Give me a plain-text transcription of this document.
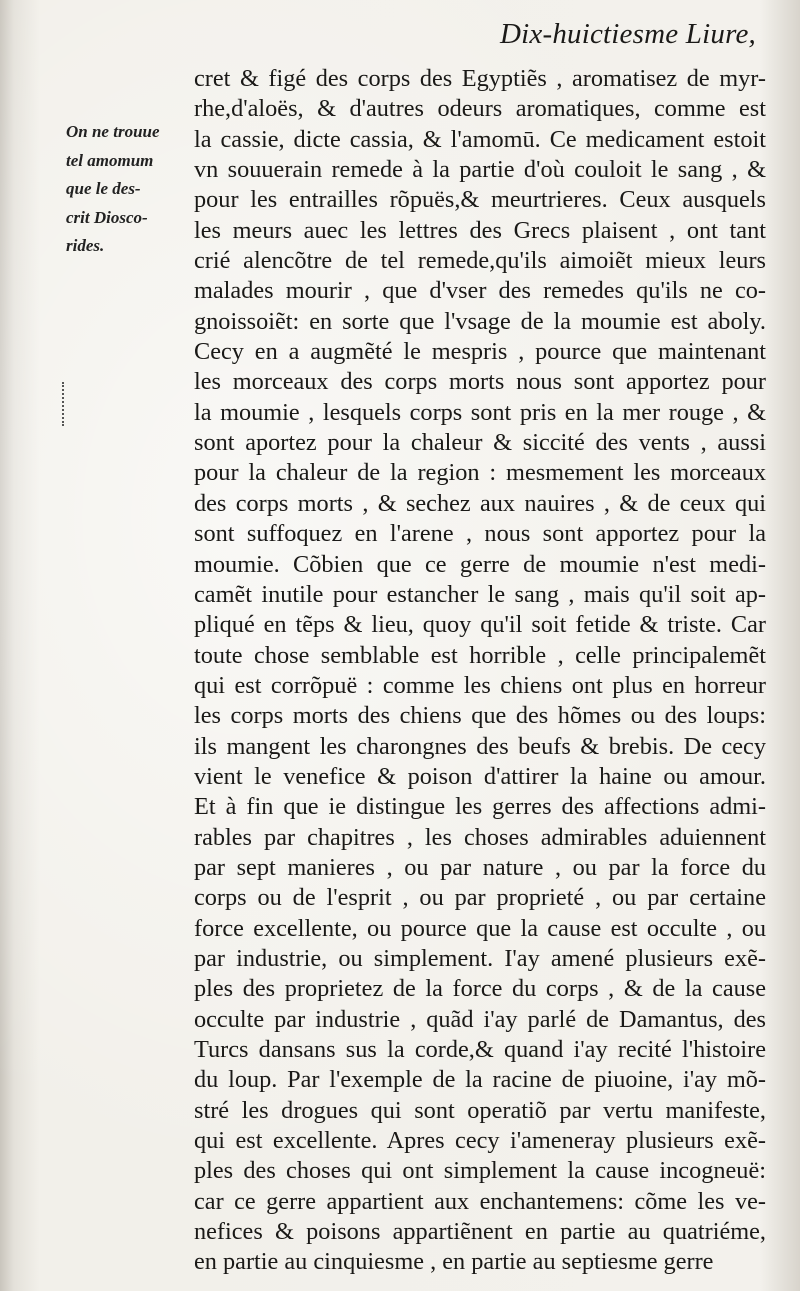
Dix-huictiesme Liure,
On ne trouue
tel amomum
que le des-
crit Diosco-
rides.
cret & figé des corps des Egyptiẽs , aromatisez de myr-
rhe,d'aloës, & d'autres odeurs aromatiques, comme est
la cassie, dicte cassia, & l'amomū. Ce medicament estoit
vn souuerain remede à la partie d'où couloit le sang , &
pour les entrailles rõpuës,& meurtrieres. Ceux ausquels
les meurs auec les lettres des Grecs plaisent , ont tant
crié alencõtre de tel remede,qu'ils aimoiẽt mieux leurs
malades mourir , que d'vser des remedes qu'ils ne co-
gnoissoiẽt: en sorte que l'vsage de la moumie est aboly.
Cecy en a augmẽté le mespris , pource que maintenant
les morceaux des corps morts nous sont apportez pour
la moumie , lesquels corps sont pris en la mer rouge , &
sont aportez pour la chaleur & siccité des vents , aussi
pour la chaleur de la region : mesmement les morceaux
des corps morts , & sechez aux nauires , & de ceux qui
sont suffoquez en l'arene , nous sont apportez pour la
moumie. Cõbien que ce gerre de moumie n'est medi-
camẽt inutile pour estancher le sang , mais qu'il soit ap-
pliqué en tẽps & lieu, quoy qu'il soit fetide & triste. Car
toute chose semblable est horrible , celle principalemẽt
qui est corrõpuë : comme les chiens ont plus en horreur
les corps morts des chiens que des hõmes ou des loups:
ils mangent les charongnes des beufs & brebis. De cecy
vient le venefice & poison d'attirer la haine ou amour.
Et à fin que ie distingue les gerres des affections admi-
rables par chapitres , les choses admirables aduiennent
par sept manieres , ou par nature , ou par la force du
corps ou de l'esprit , ou par proprieté , ou par certaine
force excellente, ou pource que la cause est occulte , ou
par industrie, ou simplement. I'ay amené plusieurs exẽ-
ples des proprietez de la force du corps , & de la cause
occulte par industrie , quãd i'ay parlé de Damantus, des
Turcs dansans sus la corde,& quand i'ay recité l'histoire
du loup. Par l'exemple de la racine de piuoine, i'ay mõ-
stré les drogues qui sont operatiõ par vertu manifeste,
qui est excellente. Apres cecy i'ameneray plusieurs exẽ-
ples des choses qui ont simplement la cause incogneuë:
car ce gerre appartient aux enchantemens: cõme les ve-
nefices & poisons appartiẽnent en partie au quatriéme,
en partie au cinquiesme , en partie au septiesme gerre
